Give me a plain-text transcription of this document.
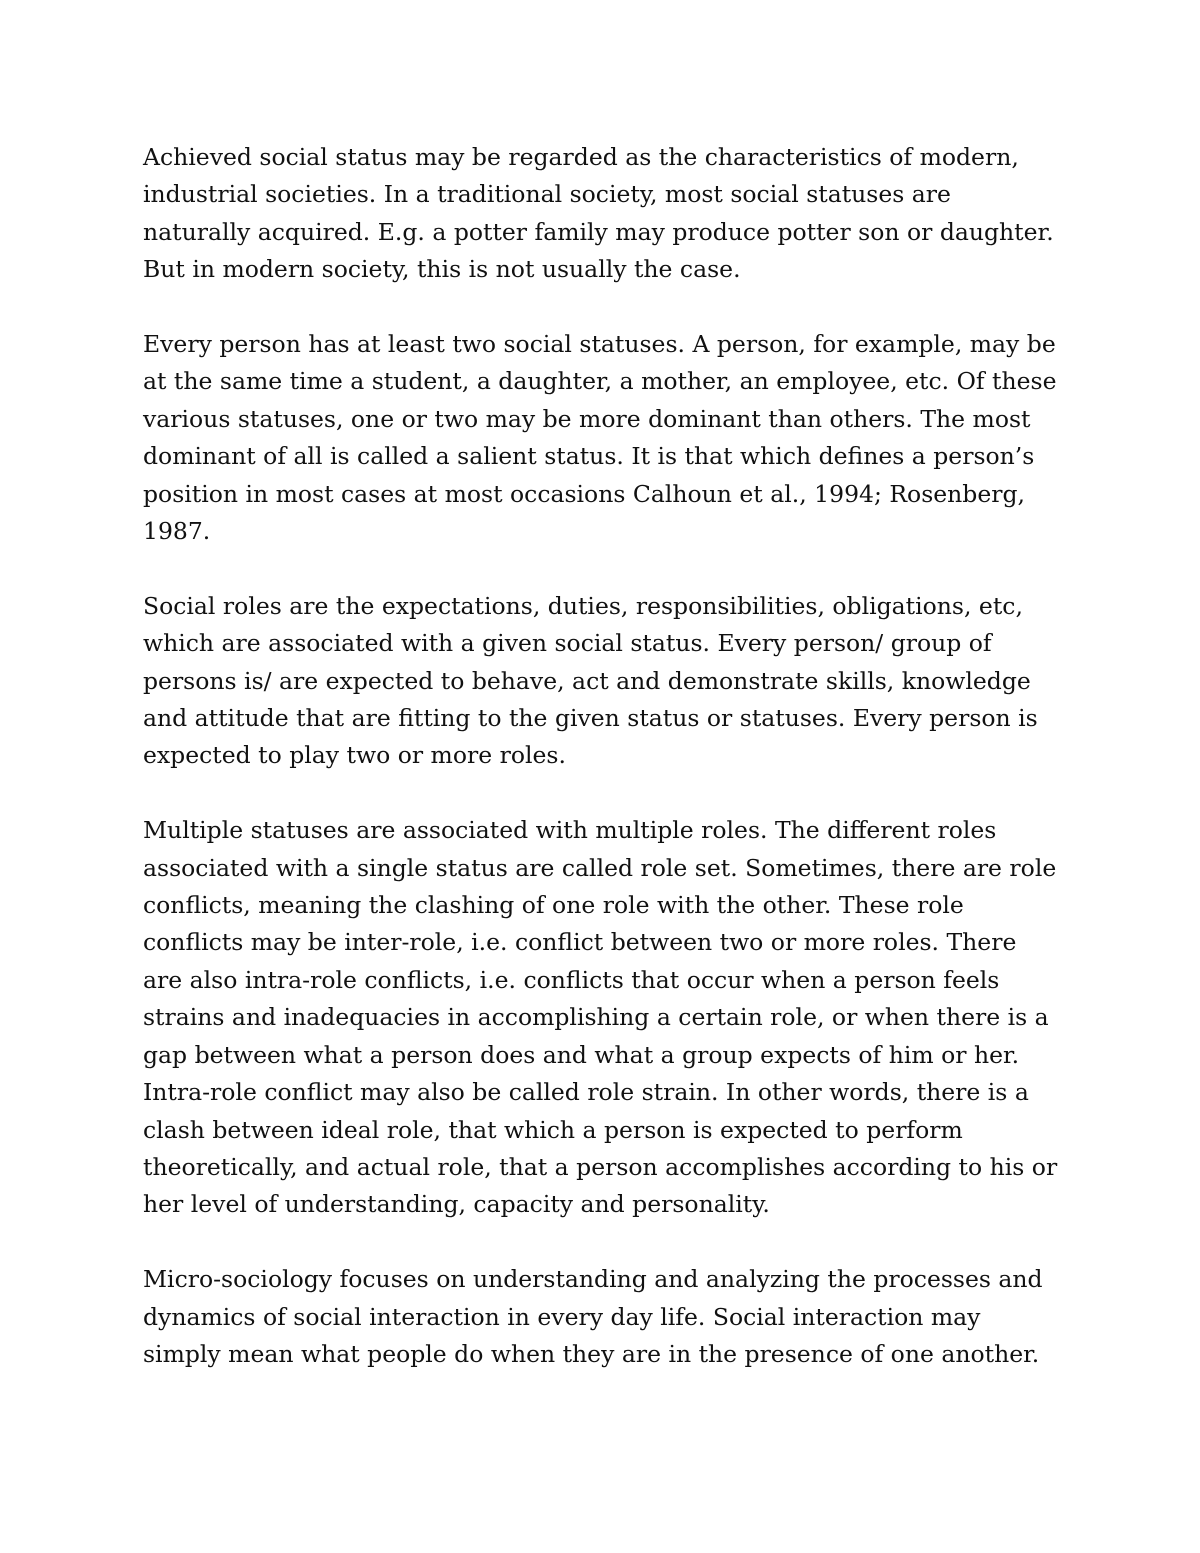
Achieved social status may be regarded as the characteristics of modern,
industrial societies. In a traditional society, most social statuses are
naturally acquired. E.g. a potter family may produce potter son or daughter.
But in modern society, this is not usually the case.

Every person has at least two social statuses. A person, for example, may be
at the same time a student, a daughter, a mother, an employee, etc. Of these
various statuses, one or two may be more dominant than others. The most
dominant of all is called a salient status. It is that which defines a person’s
position in most cases at most occasions Calhoun et al., 1994; Rosenberg,
1987.

Social roles are the expectations, duties, responsibilities, obligations, etc,
which are associated with a given social status. Every person/ group of
persons is/ are expected to behave, act and demonstrate skills, knowledge
and attitude that are fitting to the given status or statuses. Every person is
expected to play two or more roles.

Multiple statuses are associated with multiple roles. The different roles
associated with a single status are called role set. Sometimes, there are role
conflicts, meaning the clashing of one role with the other. These role
conflicts may be inter-role, i.e. conflict between two or more roles. There
are also intra-role conflicts, i.e. conflicts that occur when a person feels
strains and inadequacies in accomplishing a certain role, or when there is a
gap between what a person does and what a group expects of him or her.
Intra-role conflict may also be called role strain. In other words, there is a
clash between ideal role, that which a person is expected to perform
theoretically, and actual role, that a person accomplishes according to his or
her level of understanding, capacity and personality.

Micro-sociology focuses on understanding and analyzing the processes and
dynamics of social interaction in every day life. Social interaction may
simply mean what people do when they are in the presence of one another.
